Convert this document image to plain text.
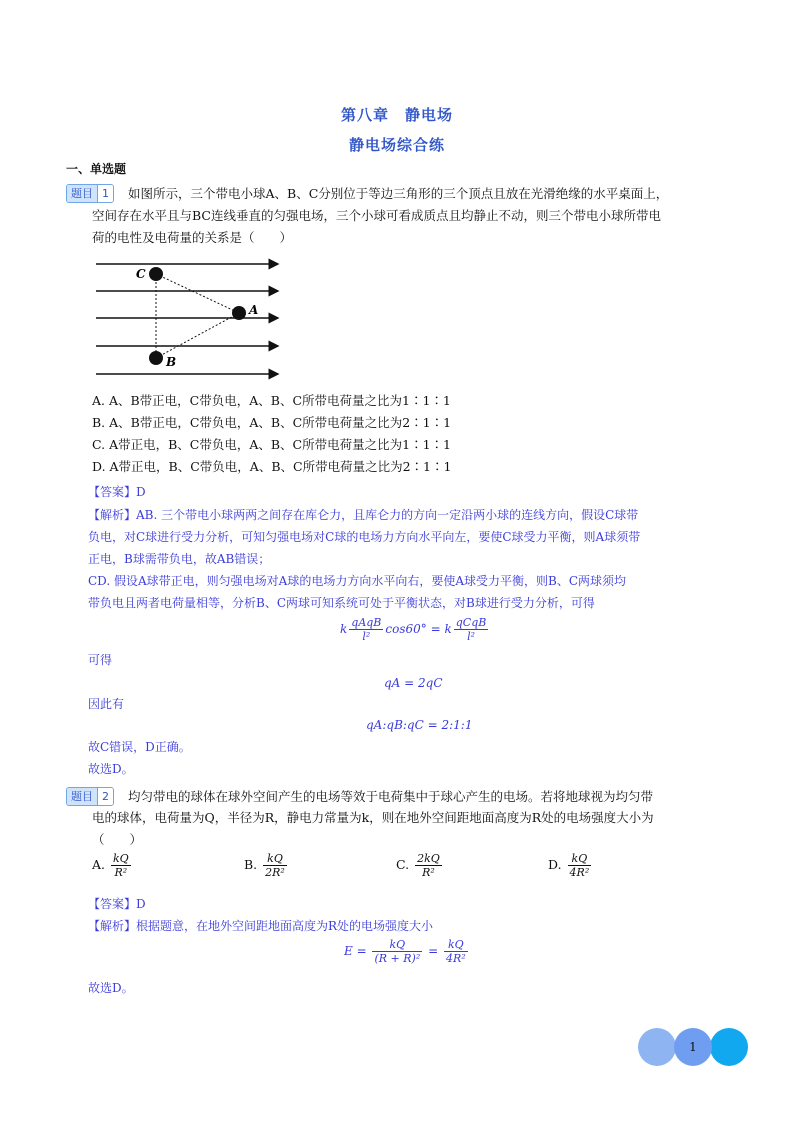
第八章　静电场
静电场综合练
一、单选题
题目 1	如图所示，三个带电小球A、B、C分别位于等边三角形的三个顶点且放在光滑绝缘的水平桌面上，
空间存在水平且与BC连线垂直的匀强电场，三个小球可看成质点且均静止不动，则三个带电小球所带电
荷的电性及电荷量的关系是（　　）
C
A
B
A. A、B带正电，C带负电，A、B、C所带电荷量之比为1∶1∶1
B. A、B带正电，C带负电，A、B、C所带电荷量之比为2∶1∶1
C. A带正电，B、C带负电，A、B、C所带电荷量之比为1∶1∶1
D. A带正电，B、C带负电，A、B、C所带电荷量之比为2∶1∶1
【答案】D
【解析】AB. 三个带电小球两两之间存在库仑力，且库仑力的方向一定沿两小球的连线方向，假设C球带
负电，对C球进行受力分析，可知匀强电场对C球的电场力方向水平向左，要使C球受力平衡，则A球须带
正电，B球需带负电，故AB错误；
CD. 假设A球带正电，则匀强电场对A球的电场力方向水平向右，要使A球受力平衡，则B、C两球须均
带负电且两者电荷量相等，分析B、C两球可知系统可处于平衡状态，对B球进行受力分析，可得
k $\frac{\text{qAqB}}{\text{l²}} \cos 60^\circ = k \frac{\text{qCqB}}{\text{l²}}$
可得
qA = 2qC
因此有
qA:qB:qC = 2:1:1
故C错误，D正确。
故选D。
题目 2	均匀带电的球体在球外空间产生的电场等效于电荷集中于球心产生的电场。若将地球视为均匀带
电的球体，电荷量为Q，半径为R，静电力常量为k，则在地外空间距地面高度为R处的电场强度大小为
（　　）
A. $\frac{kQ}{\text{R²}}$	B. $\frac{kQ}{\text{2R²}}$	C. $\frac{2kQ}{\text{R²}}$	D. $\frac{kQ}{\text{4R²}}$
【答案】D
【解析】根据题意，在地外空间距地面高度为R处的电场强度大小
$E = \frac{kQ}{\text{(R + R)²}} = \frac{kQ}{\text{4R²}}$
故选D。
1
